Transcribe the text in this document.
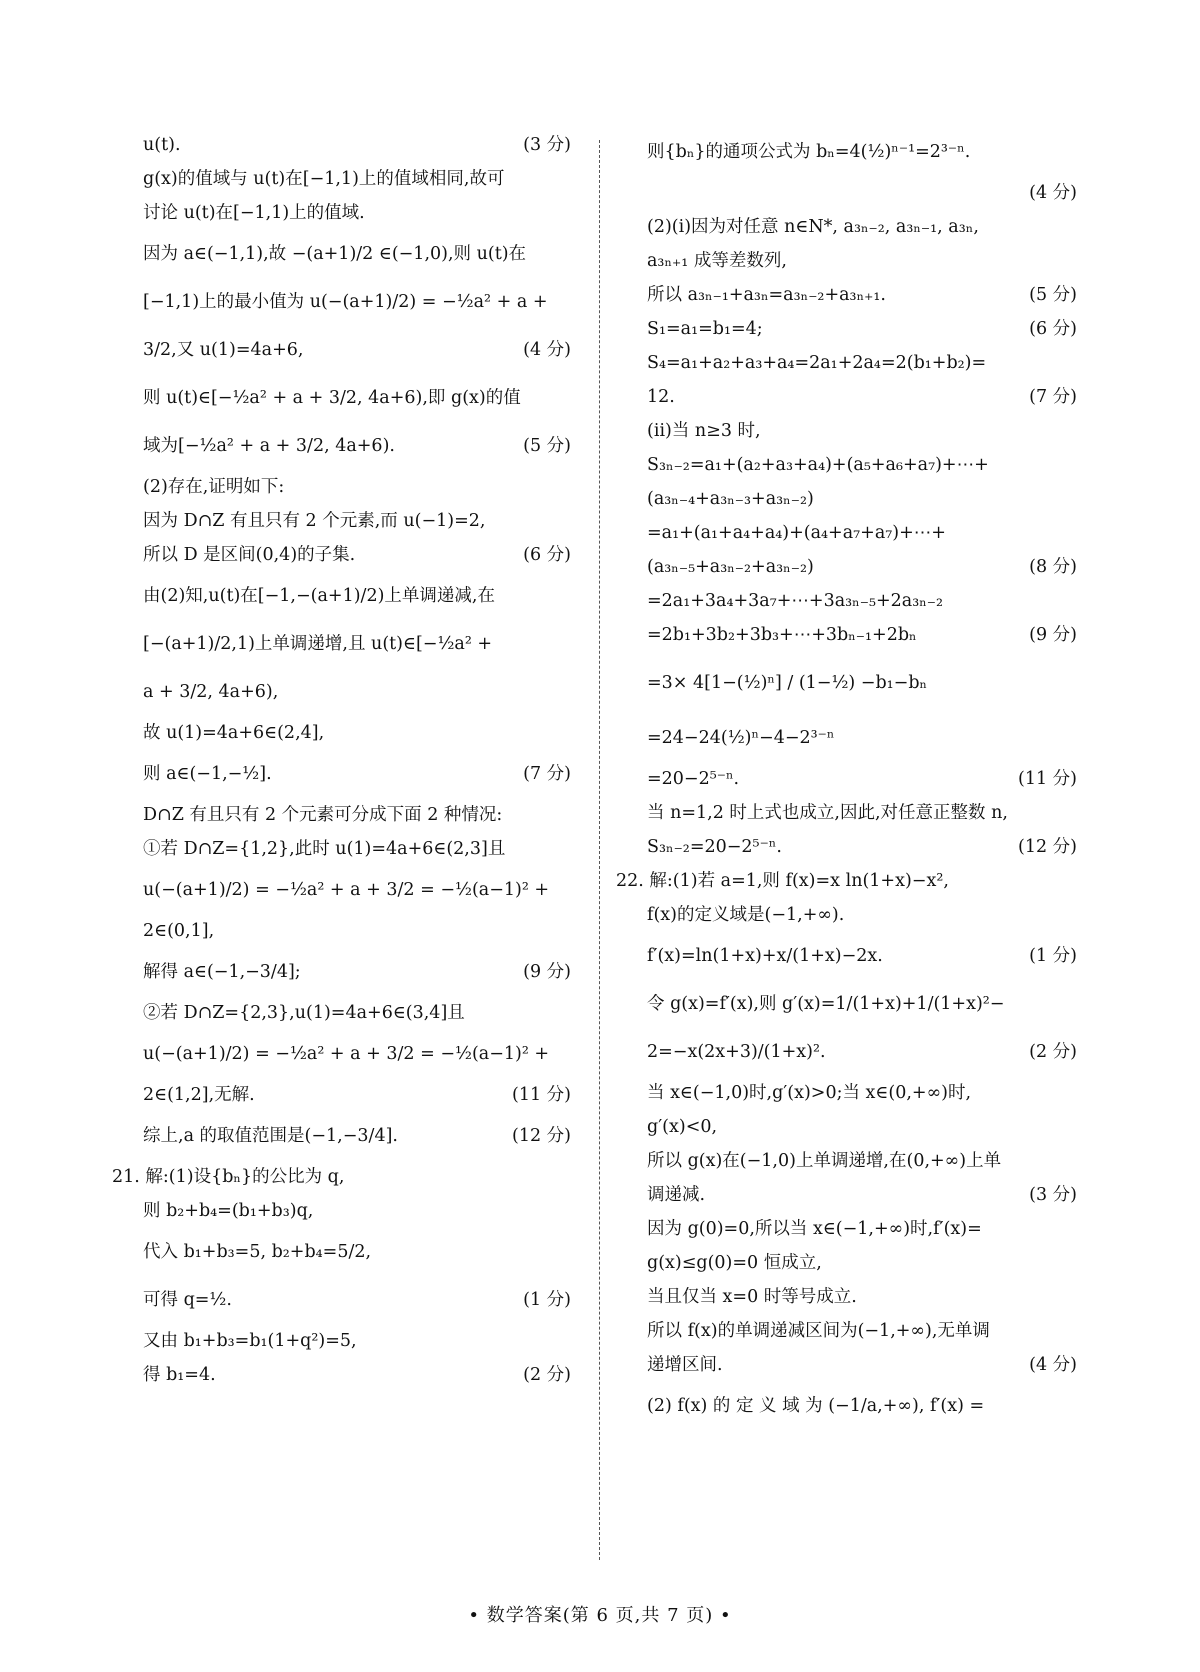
u(t).	(3 分)
g(x)的值域与 u(t)在[−1,1)上的值域相同,故可
讨论 u(t)在[−1,1)上的值域.
因为 a∈(−1,1),故 −(a+1)/2 ∈(−1,0),则 u(t)在
[−1,1)上的最小值为 u(−(a+1)/2) = −½a² + a +
3/2,又 u(1)=4a+6,	(4 分)
则 u(t)∈[−½a² + a + 3/2, 4a+6),即 g(x)的值
域为[−½a² + a + 3/2, 4a+6).	(5 分)
(2)存在,证明如下:
因为 D∩Z 有且只有 2 个元素,而 u(−1)=2,
所以 D 是区间(0,4)的子集.	(6 分)
由(2)知,u(t)在[−1,−(a+1)/2)上单调递减,在
[−(a+1)/2,1)上单调递增,且 u(t)∈[−½a² +
a + 3/2, 4a+6),
故 u(1)=4a+6∈(2,4],
则 a∈(−1,−½].	(7 分)
D∩Z 有且只有 2 个元素可分成下面 2 种情况:
①若 D∩Z={1,2},此时 u(1)=4a+6∈(2,3]且
u(−(a+1)/2) = −½a² + a + 3/2 = −½(a−1)² +
2∈(0,1],
解得 a∈(−1,−3/4];	(9 分)
②若 D∩Z={2,3},u(1)=4a+6∈(3,4]且
u(−(a+1)/2) = −½a² + a + 3/2 = −½(a−1)² +
2∈(1,2],无解.	(11 分)
综上,a 的取值范围是(−1,−3/4].	(12 分)
21. 解:(1)设{bₙ}的公比为 q,
则 b₂+b₄=(b₁+b₃)q,
代入 b₁+b₃=5, b₂+b₄=5/2,
可得 q=½.	(1 分)
又由 b₁+b₃=b₁(1+q²)=5,
得 b₁=4.	(2 分)
则{bₙ}的通项公式为 bₙ=4(½)ⁿ⁻¹=2³⁻ⁿ.
(4 分)
(2)(ⅰ)因为对任意 n∈N*, a₃ₙ₋₂, a₃ₙ₋₁, a₃ₙ,
a₃ₙ₊₁ 成等差数列,
所以 a₃ₙ₋₁+a₃ₙ=a₃ₙ₋₂+a₃ₙ₊₁.	(5 分)
S₁=a₁=b₁=4;	(6 分)
S₄=a₁+a₂+a₃+a₄=2a₁+2a₄=2(b₁+b₂)=
12.	(7 分)
(ⅱ)当 n≥3 时,
S₃ₙ₋₂=a₁+(a₂+a₃+a₄)+(a₅+a₆+a₇)+⋯+
(a₃ₙ₋₄+a₃ₙ₋₃+a₃ₙ₋₂)
=a₁+(a₁+a₄+a₄)+(a₄+a₇+a₇)+⋯+
(a₃ₙ₋₅+a₃ₙ₋₂+a₃ₙ₋₂)	(8 分)
=2a₁+3a₄+3a₇+⋯+3a₃ₙ₋₅+2a₃ₙ₋₂
=2b₁+3b₂+3b₃+⋯+3bₙ₋₁+2bₙ	(9 分)
=3× 4[1−(½)ⁿ] / (1−½) −b₁−bₙ
=24−24(½)ⁿ−4−2³⁻ⁿ
=20−2⁵⁻ⁿ.	(11 分)
当 n=1,2 时上式也成立,因此,对任意正整数 n,
S₃ₙ₋₂=20−2⁵⁻ⁿ.	(12 分)
22. 解:(1)若 a=1,则 f(x)=x ln(1+x)−x²,
f(x)的定义域是(−1,+∞).
f′(x)=ln(1+x)+x/(1+x)−2x.	(1 分)
令 g(x)=f′(x),则 g′(x)=1/(1+x)+1/(1+x)²−
2=−x(2x+3)/(1+x)².	(2 分)
当 x∈(−1,0)时,g′(x)>0;当 x∈(0,+∞)时,
g′(x)<0,
所以 g(x)在(−1,0)上单调递增,在(0,+∞)上单
调递减.	(3 分)
因为 g(0)=0,所以当 x∈(−1,+∞)时,f′(x)=
g(x)≤g(0)=0 恒成立,
当且仅当 x=0 时等号成立.
所以 f(x)的单调递减区间为(−1,+∞),无单调
递增区间.	(4 分)
(2) f(x) 的 定 义 域 为 (−1/a,+∞), f′(x) =
• 数学答案(第 6 页,共 7 页) •
